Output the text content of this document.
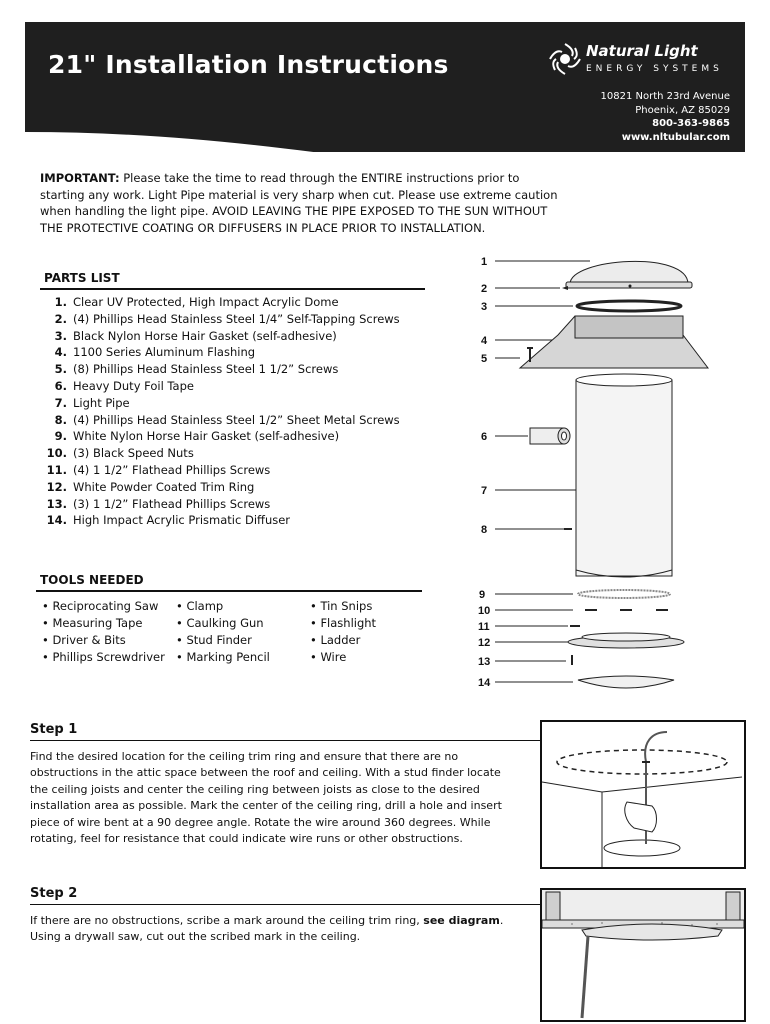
21" Installation Instructions	Natural Light
ENERGY SYSTEMS
10821 North 23rd Avenue
Phoenix, AZ 85029
800-363-9865
www.nltubular.com
IMPORTANT: Please take the time to read through the ENTIRE instructions prior to starting any work. Light Pipe material is very sharp when cut. Please use extreme caution when handling the light pipe. AVOID LEAVING THE PIPE EXPOSED TO THE SUN WITHOUT THE PROTECTIVE COATING OR DIFFUSERS IN PLACE PRIOR TO INSTALLATION.
PARTS LIST
1. Clear UV Protected, High Impact Acrylic Dome
2. (4) Phillips Head Stainless Steel 1/4” Self-Tapping Screws
3. Black Nylon Horse Hair Gasket (self-adhesive)
4. 1100 Series Aluminum Flashing
5. (8) Phillips Head Stainless Steel 1 1/2” Screws
6. Heavy Duty Foil Tape
7. Light Pipe
8. (4) Phillips Head Stainless Steel 1/2” Sheet Metal Screws
9. White Nylon Horse Hair Gasket (self-adhesive)
10. (3) Black Speed Nuts
11. (4) 1 1/2” Flathead Phillips Screws
12. White Powder Coated Trim Ring
13. (3) 1 1/2” Flathead Phillips Screws
14. High Impact Acrylic Prismatic Diffuser
TOOLS NEEDED
• Reciprocating Saw
• Measuring Tape
• Driver & Bits
• Phillips Screwdriver
• Clamp
• Caulking Gun
• Stud Finder
• Marking Pencil
• Tin Snips
• Flashlight
• Ladder
• Wire
1
2
3
4
5
6
7
8
9
10
11
12
13
14
Step 1
Find the desired location for the ceiling trim ring and ensure that there are no obstructions in the attic space between the roof and ceiling. With a stud finder locate the ceiling joists and center the ceiling ring between joists as close to the desired installation area as possible. Mark the center of the ceiling ring, drill a hole and insert piece of wire bent at a 90 degree angle. Rotate the wire around 360 degrees. While rotating, feel for resistance that could indicate wire runs or other obstructions.
Step 2
If there are no obstructions, scribe a mark around the ceiling trim ring, see diagram. Using a drywall saw, cut out the scribed mark in the ceiling.
